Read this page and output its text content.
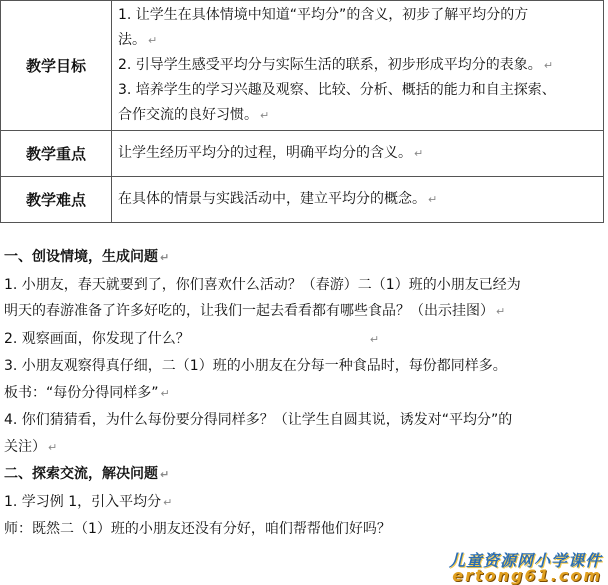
教学目标	1. 让学生在具体情境中知道“平均分”的含义，初步了解平均分的方
法。 ↵
2. 引导学生感受平均分与实际生活的联系，初步形成平均分的表象。 ↵
3. 培养学生的学习兴趣及观察、比较、分析、概括的能力和自主探索、
合作交流的良好习惯。 ↵

教学重点	让学生经历平均分的过程，明确平均分的含义。 ↵
教学难点	在具体的情景与实践活动中，建立平均分的概念。 ↵
一、创设情境，生成问题 ↵
1. 小朋友，春天就要到了，你们喜欢什么活动？（春游）二（1）班的小朋友已经为
明天的春游准备了许多好吃的，让我们一起去看看都有哪些食品？（出示挂图） ↵
2. 观察画面，你发现了什么？	↵
3. 小朋友观察得真仔细，二（1）班的小朋友在分每一种食品时，每份都同样多。
板书：“每份分得同样多” ↵
4. 你们猜猜看，为什么每份要分得同样多？（让学生自圆其说，诱发对“平均分”的
关注） ↵
二、探索交流，解决问题 ↵
1. 学习例 1，引入平均分 ↵
师：既然二（1）班的小朋友还没有分好，咱们帮帮他们好吗？
儿童资源网小学课件
ertong61.com
